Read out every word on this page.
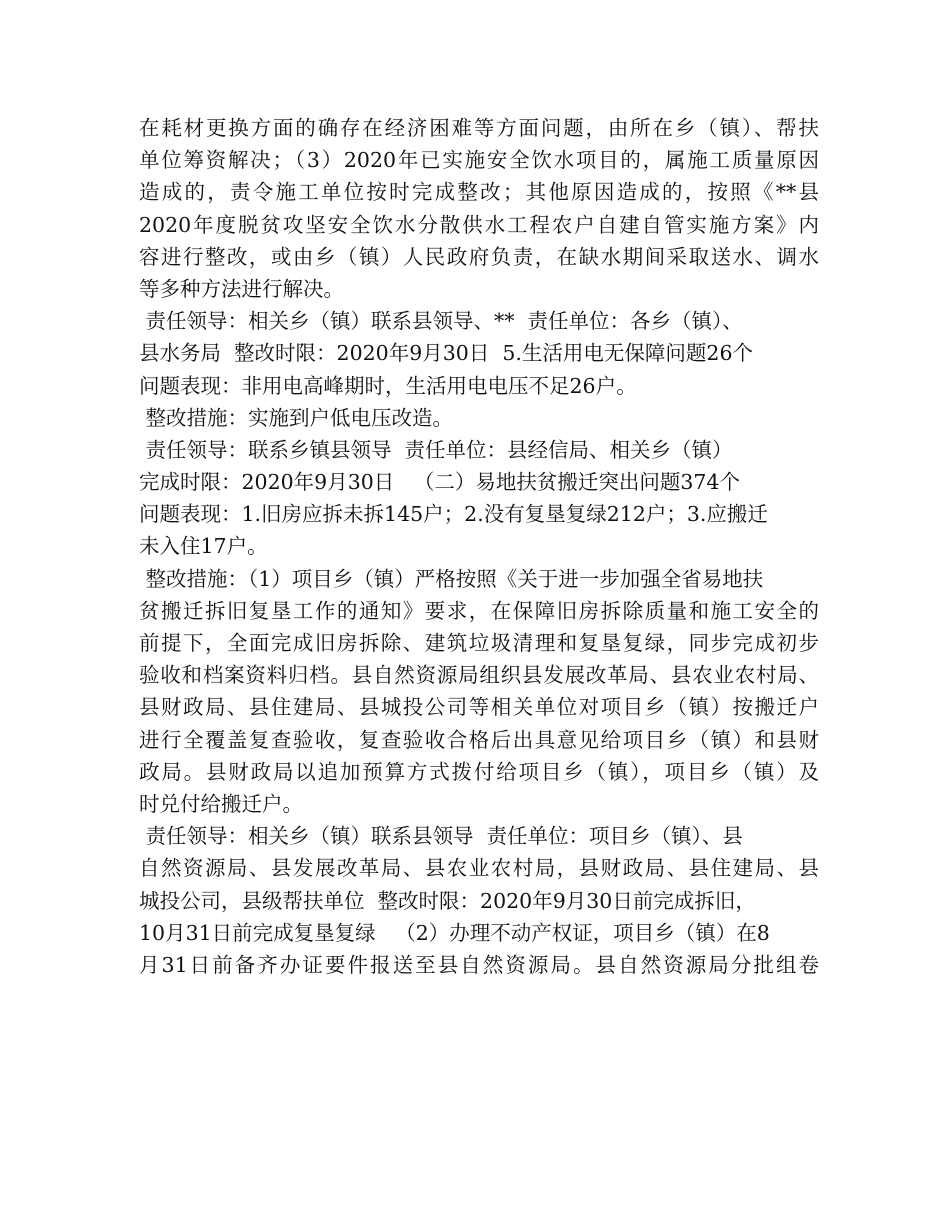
在耗材更换方面的确存在经济困难等方面问题，由所在乡（镇）、帮扶
单位筹资解决；（3）2020年已实施安全饮水项目的，属施工质量原因
造成的，责令施工单位按时完成整改；其他原因造成的，按照《**县
2020年度脱贫攻坚安全饮水分散供水工程农户自建自管实施方案》内
容进行整改，或由乡（镇）人民政府负责，在缺水期间采取送水、调水
等多种方法进行解决。
责任领导：相关乡（镇）联系县领导、**  责任单位：各乡（镇）、
县水务局  整改时限：2020年9月30日  5.生活用电无保障问题26个
问题表现：非用电高峰期时，生活用电电压不足26户。
整改措施：实施到户低电压改造。
责任领导：联系乡镇县领导  责任单位：县经信局、相关乡（镇）
完成时限：2020年9月30日   （二）易地扶贫搬迁突出问题374个
问题表现：1.旧房应拆未拆145户；2.没有复垦复绿212户；3.应搬迁
未入住17户。
整改措施：（1）项目乡（镇）严格按照《关于进一步加强全省易地扶
贫搬迁拆旧复垦工作的通知》要求，在保障旧房拆除质量和施工安全的
前提下，全面完成旧房拆除、建筑垃圾清理和复垦复绿，同步完成初步
验收和档案资料归档。县自然资源局组织县发展改革局、县农业农村局、
县财政局、县住建局、县城投公司等相关单位对项目乡（镇）按搬迁户
进行全覆盖复查验收，复查验收合格后出具意见给项目乡（镇）和县财
政局。县财政局以追加预算方式拨付给项目乡（镇），项目乡（镇）及
时兑付给搬迁户。
责任领导：相关乡（镇）联系县领导  责任单位：项目乡（镇）、县
自然资源局、县发展改革局、县农业农村局，县财政局、县住建局、县
城投公司，县级帮扶单位  整改时限：2020年9月30日前完成拆旧，
10月31日前完成复垦复绿   （2）办理不动产权证，项目乡（镇）在8
月31日前备齐办证要件报送至县自然资源局。县自然资源局分批组卷
